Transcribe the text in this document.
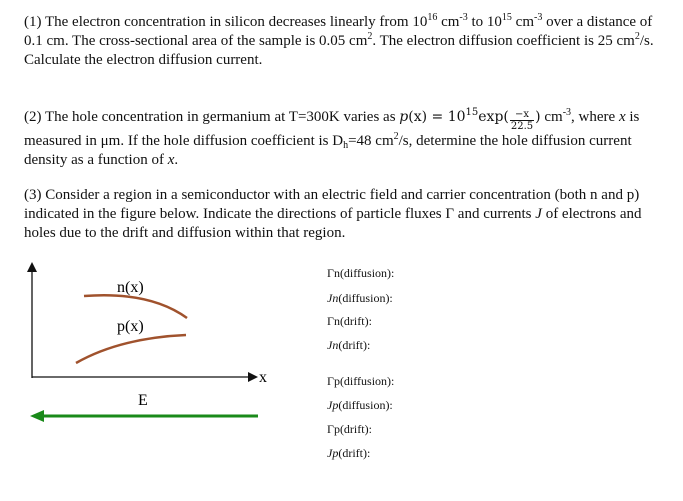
(1) The electron concentration in silicon decreases linearly from $10^{16}$ $cm^{-3}$ to $10^{15}$ $cm^{-3}$ over a distance of 0.1 cm. The cross-sectional area of the sample is 0.05 $cm^2$. The electron diffusion coefficient is 25 $cm^2/s$. Calculate the electron diffusion current.
(2) The hole concentration in germanium at T=300K varies as $p(x) = 10^{15}\exp( \frac{-x}{22.5}$ ) $cm^{-3}$, where x is measured in μm. If the hole diffusion coefficient is $D_h=48$ $cm^2/s$, determine the hole diffusion current density as a function of x.
(3) Consider a region in a semiconductor with an electric field and carrier concentration (both n and p) indicated in the figure below. Indicate the directions of particle fluxes Γ and currents J of electrons and holes due to the drift and diffusion within that region.
x
n(x)
p(x)
E
Γn(diffusion):
Jn(diffusion):
Γn(drift):
Jn(drift):
Γp(diffusion):
Jp(diffusion):
Γp(drift):
Jp(drift):
